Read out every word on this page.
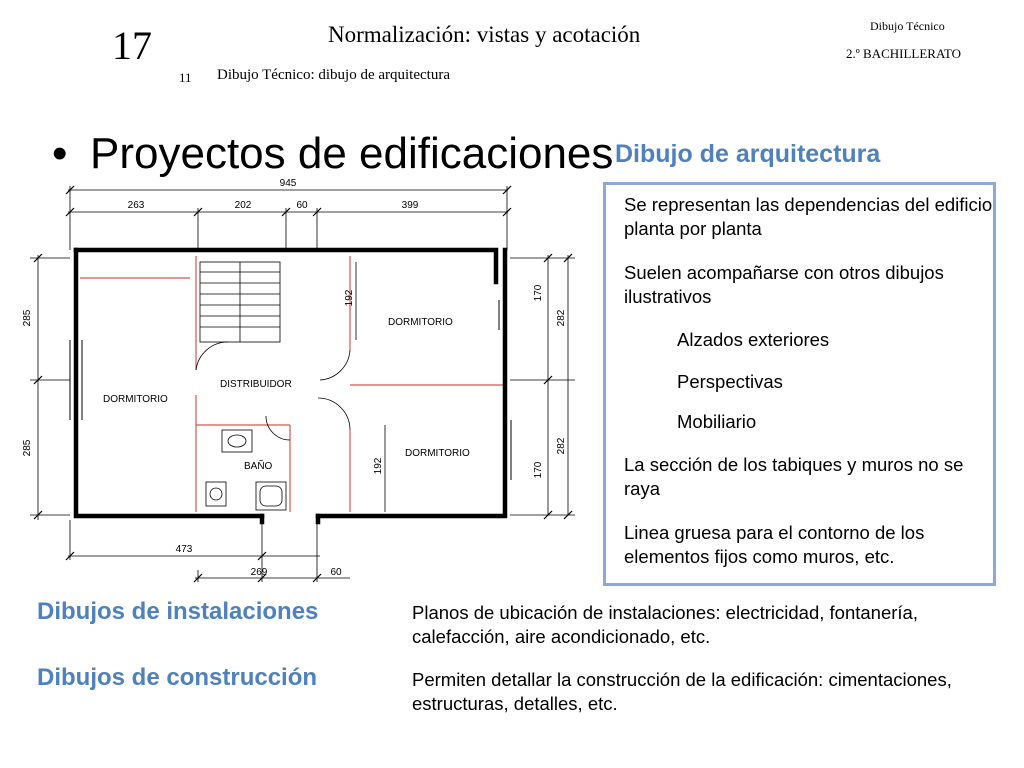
17	Normalización: vistas y acotación
11 Dibujo Técnico: dibujo de arquitectura
Dibujo Técnico
2.º BACHILLERATO
• Proyectos de edificaciones
945
263	202	60	399
285
285
192
192
170
170
282
282
473
269	60
DORMITORIO
DORMITORIO
DORMITORIO
DISTRIBUIDOR
BAÑO
Se representan las dependencias del edificio planta por planta
Suelen acompañarse con otros dibujos ilustrativos
Alzados exteriores
Perspectivas
Mobiliario
La sección de los tabiques y muros no se raya
Linea gruesa para el contorno de los elementos fijos como muros, etc.
Dibujo de arquitectura
Dibujos de instalaciones	Planos de ubicación de instalaciones: electricidad, fontanería, calefacción, aire acondicionado, etc.
Dibujos de construcción	Permiten detallar la construcción de la edificación: cimentaciones, estructuras, detalles, etc.
